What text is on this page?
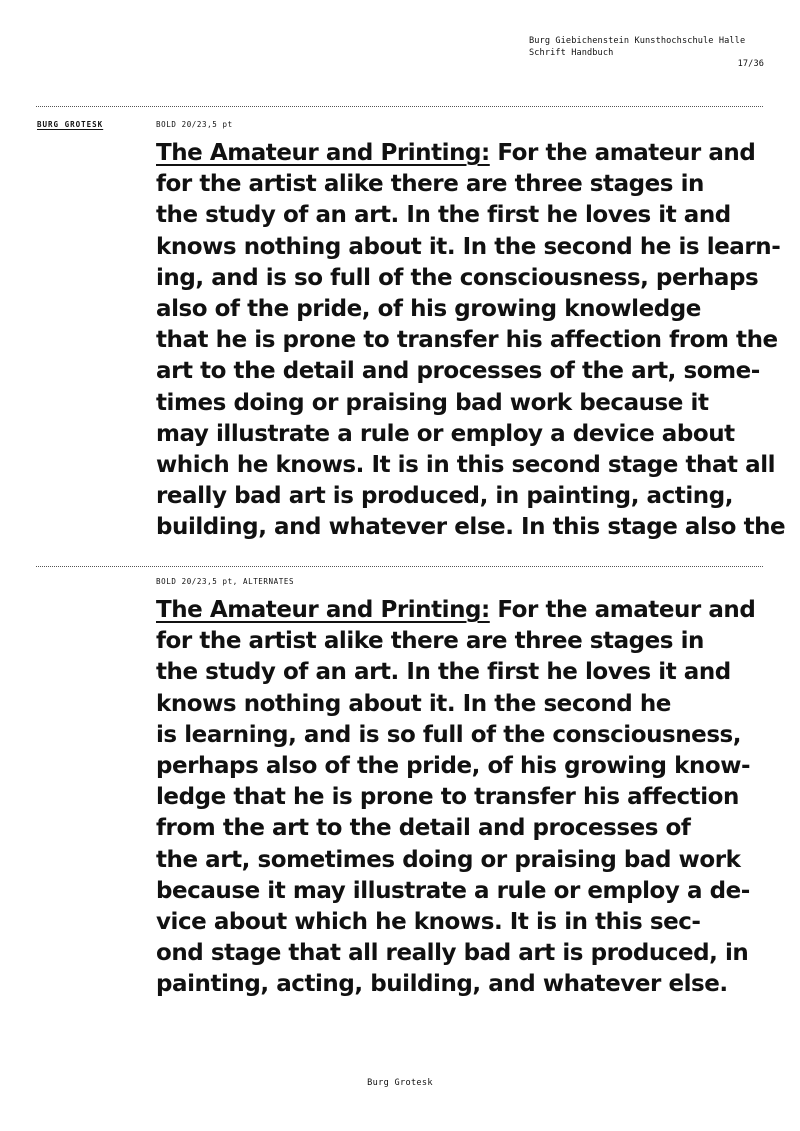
Burg Giebichenstein Kunsthochschule Halle
Schrift Handbuch
17/36
BURG GROTESK	BOLD 20/23,5 pt
The Amateur and Printing: For the amateur and
for the artist alike there are three stages in
the study of an art. In the first he loves it and
knows nothing about it. In the second he is learn-
ing, and is so full of the consciousness, perhaps
also of the pride, of his growing knowledge
that he is prone to transfer his affection from the
art to the detail and processes of the art, some-
times doing or praising bad work because it
may illustrate a rule or employ a device about
which he knows. It is in this second stage that all
really bad art is produced, in painting, acting,
building, and whatever else. In this stage also the
BOLD 20/23,5 pt, ALTERNATES
The Amateur and Printing: For the amateur and
for the artist alike there are three stages in
the study of an art. In the first he loves it and
knows nothing about it. In the second he
is learning, and is so full of the consciousness,
perhaps also of the pride, of his growing know-
ledge that he is prone to transfer his affection
from the art to the detail and processes of
the art, sometimes doing or praising bad work
because it may illustrate a rule or employ a de-
vice about which he knows. It is in this sec-
ond stage that all really bad art is produced, in
painting, acting, building, and whatever else.
Burg Grotesk
